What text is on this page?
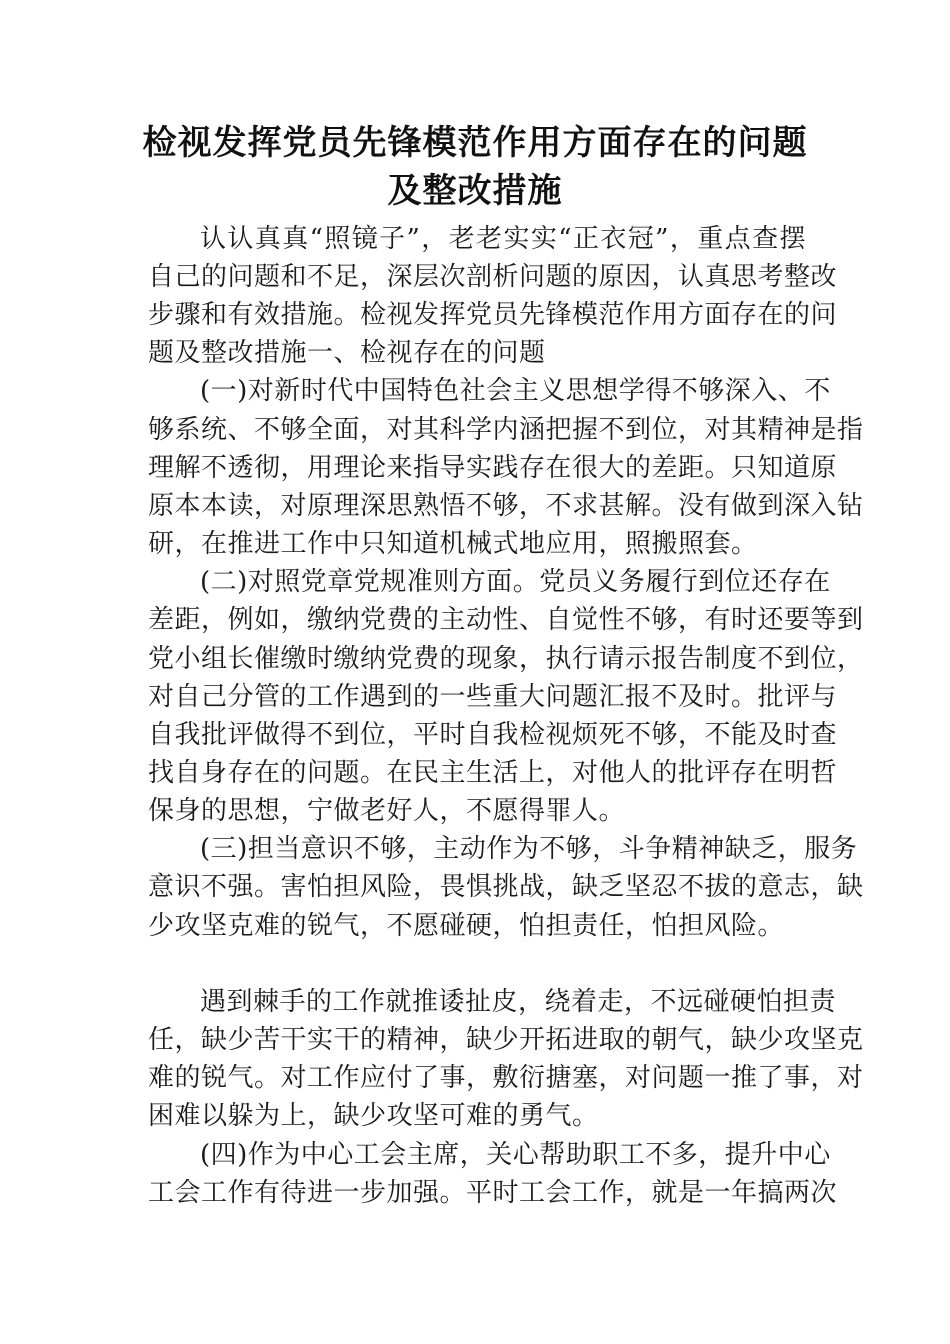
检视发挥党员先锋模范作用方面存在的问题
及整改措施

认认真真“照镜子”，老老实实“正衣冠”，重点查摆

自己的问题和不足，深层次剖析问题的原因，认真思考整改

步骤和有效措施。检视发挥党员先锋模范作用方面存在的问

题及整改措施一、检视存在的问题

(一)对新时代中国特色社会主义思想学得不够深入、不

够系统、不够全面，对其科学内涵把握不到位，对其精神是指

理解不透彻，用理论来指导实践存在很大的差距。只知道原

原本本读，对原理深思熟悟不够，不求甚解。没有做到深入钻

研，在推进工作中只知道机械式地应用，照搬照套。

(二)对照党章党规准则方面。党员义务履行到位还存在

差距，例如，缴纳党费的主动性、自觉性不够，有时还要等到

党小组长催缴时缴纳党费的现象，执行请示报告制度不到位，

对自己分管的工作遇到的一些重大问题汇报不及时。批评与

自我批评做得不到位，平时自我检视烦死不够，不能及时查

找自身存在的问题。在民主生活上，对他人的批评存在明哲

保身的思想，宁做老好人，不愿得罪人。

(三)担当意识不够，主动作为不够，斗争精神缺乏，服务

意识不强。害怕担风险，畏惧挑战，缺乏坚忍不拔的意志，缺

少攻坚克难的锐气，不愿碰硬，怕担责任，怕担风险。

遇到棘手的工作就推诿扯皮，绕着走，不远碰硬怕担责

任，缺少苦干实干的精神，缺少开拓进取的朝气，缺少攻坚克

难的锐气。对工作应付了事，敷衍搪塞，对问题一推了事，对

困难以躲为上，缺少攻坚可难的勇气。

(四)作为中心工会主席，关心帮助职工不多，提升中心

工会工作有待进一步加强。平时工会工作，就是一年搞两次
